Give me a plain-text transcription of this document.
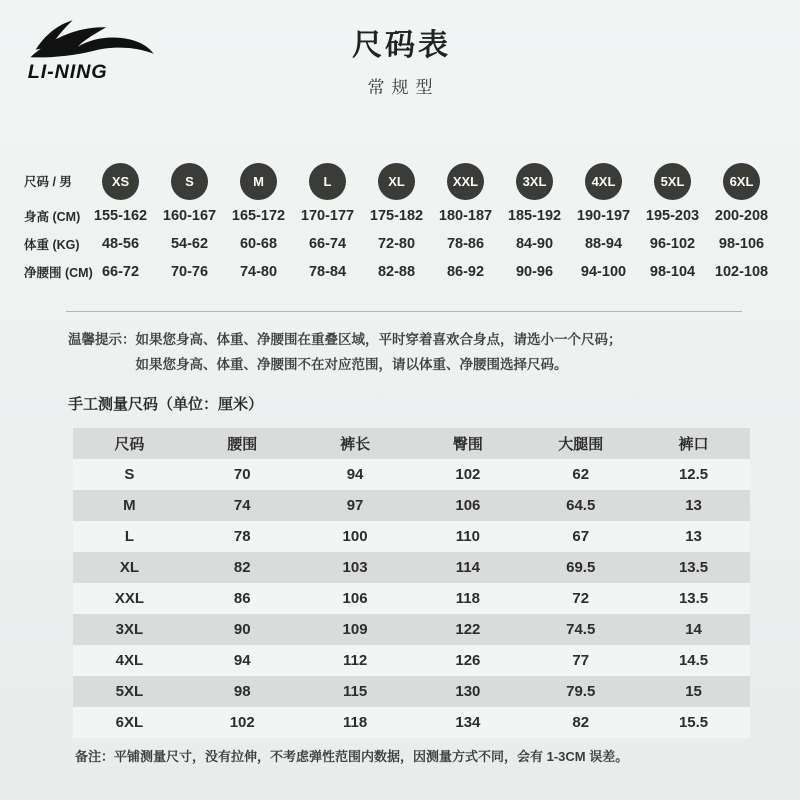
LI-NING
尺码表
常规型
尺码 / 男	XS	S	M	L	XL	XXL	3XL	4XL	5XL	6XL
身高 (CM) 155-162	160-167	165-172	170-177	175-182	180-187	185-192	190-197	195-203	200-208
体重 (KG)	48-56	54-62	60-68	66-74	72-80	78-86	84-90	88-94	96-102	98-106
净腰围 (CM) 66-72	70-76	74-80	78-84	82-88	86-92	90-96	94-100	98-104	102-108
温馨提示： 如果您身高、体重、净腰围在重叠区域，平时穿着喜欢合身点，请选小一个尺码；
如果您身高、体重、净腰围不在对应范围，请以体重、净腰围选择尺码。
手工测量尺码（单位：厘米）
尺码	腰围	裤长	臀围	大腿围	裤口
S	70	94	102	62	12.5
M	74	97	106	64.5	13
L	78	100	110	67	13
XL	82	103	114	69.5	13.5
XXL	86	106	118	72	13.5
3XL	90	109	122	74.5	14
4XL	94	112	126	77	14.5
5XL	98	115	130	79.5	15
6XL	102	118	134	82	15.5
备注：平铺测量尺寸，没有拉伸，不考虑弹性范围内数据，因测量方式不同，会有 1-3CM 误差。
